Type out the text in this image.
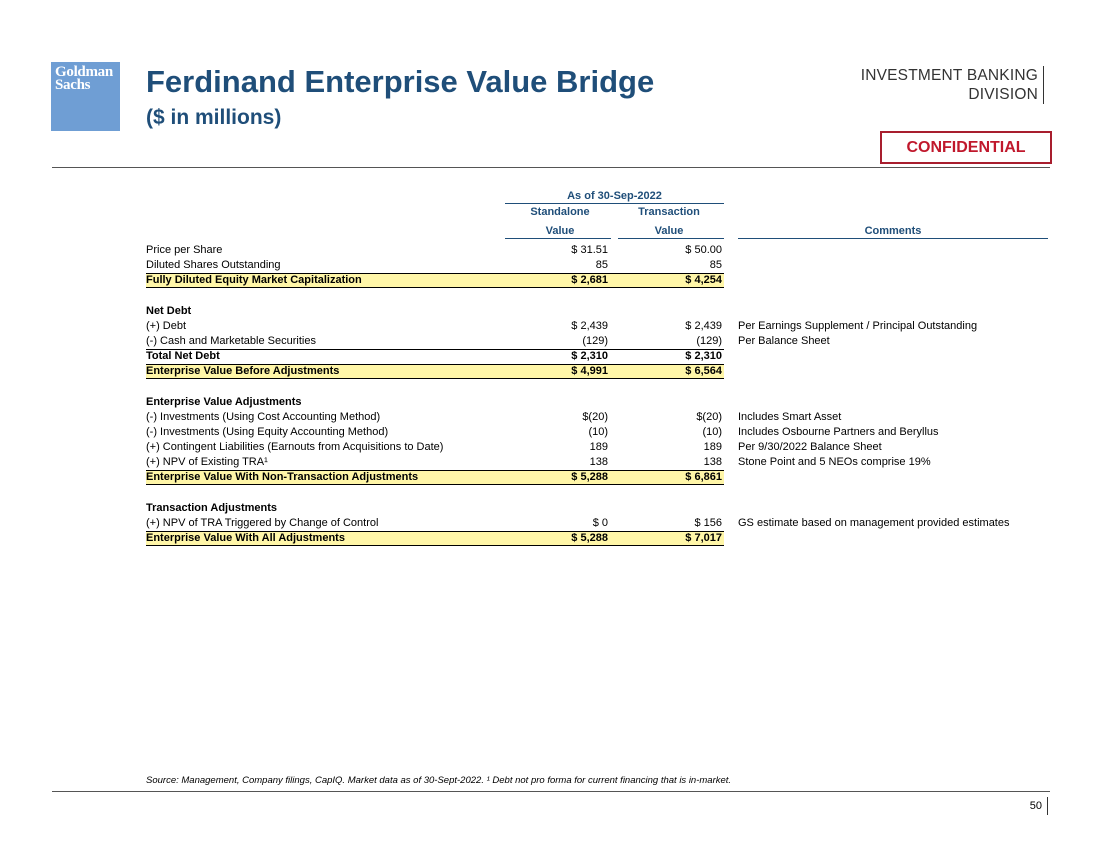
Goldman
Sachs	Ferdinand Enterprise Value Bridge
($ in millions)
INVESTMENT BANKING
DIVISION
CONFIDENTIAL
As of 30-Sep-2022
Standalone
Value
Transaction
Value	Comments
Price per Share	$ 31.51	$ 50.00
Diluted Shares Outstanding	85	85
Fully Diluted Equity Market Capitalization	$ 2,681	$ 4,254
Net Debt
(+) Debt	$ 2,439	$ 2,439 Per Earnings Supplement / Principal Outstanding
(-) Cash and Marketable Securities	(129)	(129) Per Balance Sheet
Total Net Debt	$ 2,310	$ 2,310
Enterprise Value Before Adjustments	$ 4,991	$ 6,564
Enterprise Value Adjustments
(-) Investments (Using Cost Accounting Method)	$(20)	$(20) Includes Smart Asset
(-) Investments (Using Equity Accounting Method)	(10)	(10) Includes Osbourne Partners and Beryllus
(+) Contingent Liabilities (Earnouts from Acquisitions to Date)	189	189 Per 9/30/2022 Balance Sheet
(+) NPV of Existing TRA¹	138	138 Stone Point and 5 NEOs comprise 19%
Enterprise Value With Non-Transaction Adjustments	$ 5,288	$ 6,861
Transaction Adjustments
(+) NPV of TRA Triggered by Change of Control	$ 0	$ 156 GS estimate based on management provided estimates
Enterprise Value With All Adjustments	$ 5,288	$ 7,017
Source: Management, Company filings, CapIQ. Market data as of 30-Sept-2022. ¹ Debt not pro forma for current financing that is in-market.
50
